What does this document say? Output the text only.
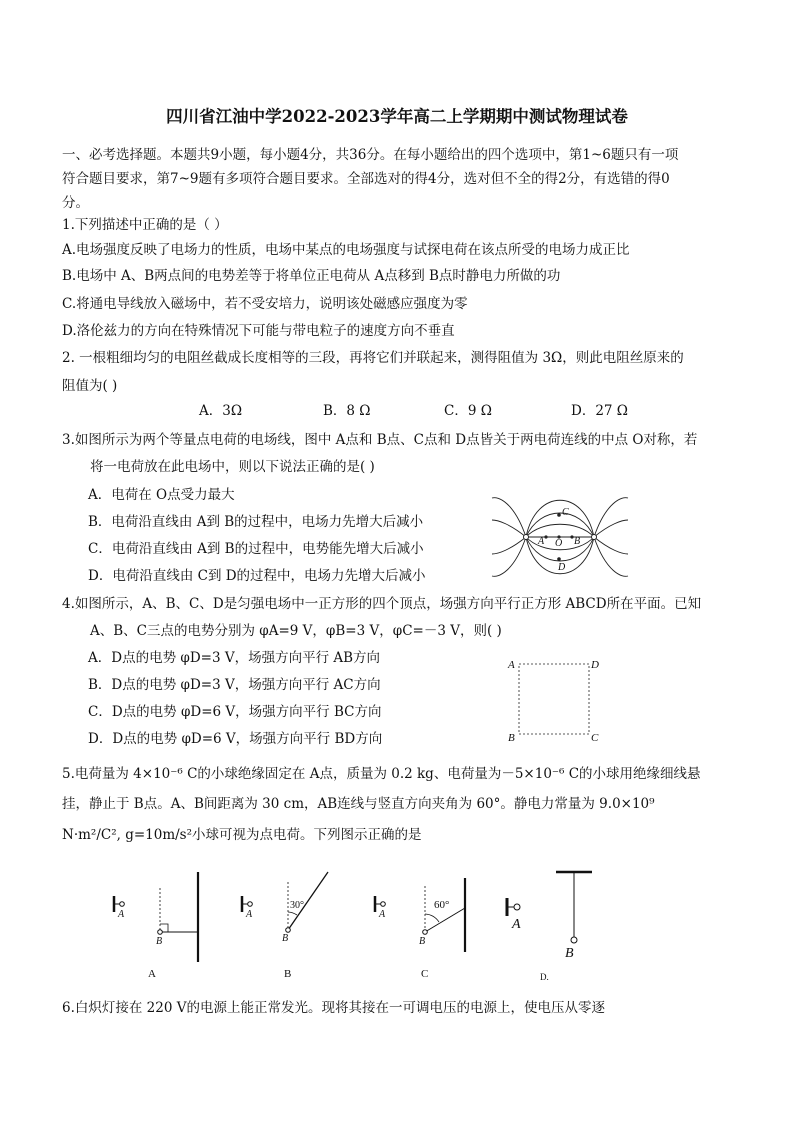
四川省江油中学2022-2023学年高二上学期期中测试物理试卷
一、必考选择题。本题共9小题，每小题4分，共36分。在每小题给出的四个选项中，第1~6题只有一项
符合题目要求，第7~9题有多项符合题目要求。全部选对的得4分，选对但不全的得2分，有选错的得0
分。
1.下列描述中正确的是（ ）
A.电场强度反映了电场力的性质，电场中某点的电场强度与试探电荷在该点所受的电场力成正比
B.电场中 A、B两点间的电势差等于将单位正电荷从 A点移到 B点时静电力所做的功
C.将通电导线放入磁场中，若不受安培力，说明该处磁感应强度为零
D.洛伦兹力的方向在特殊情况下可能与带电粒子的速度方向不垂直
2. 一根粗细均匀的电阻丝截成长度相等的三段，再将它们并联起来，测得阻值为 3Ω，则此电阻丝原来的
阻值为( )
A．3Ω	B．8 Ω	C．9 Ω	D．27 Ω
3.如图所示为两个等量点电荷的电场线，图中 A点和 B点、C点和 D点皆关于两电荷连线的中点 O对称，若
将一电荷放在此电场中，则以下说法正确的是( )
A．电荷在 O点受力最大
B．电荷沿直线由 A到 B的过程中，电场力先增大后减小
C．电荷沿直线由 A到 B的过程中，电势能先增大后减小
D．电荷沿直线由 C到 D的过程中，电场力先增大后减小
C
A O B
D
4.如图所示，A、B、C、D是匀强电场中一正方形的四个顶点，场强方向平行正方形 ABCD所在平面。已知
A、B、C三点的电势分别为 φA=9 V，φB=3 V，φC=－3 V，则( )
A．D点的电势 φD=3 V，场强方向平行 AB方向
B．D点的电势 φD=3 V，场强方向平行 AC方向
C．D点的电势 φD=6 V，场强方向平行 BC方向
D．D点的电势 φD=6 V，场强方向平行 BD方向
A	D
B	C
5.电荷量为 4×10⁻⁶ C的小球绝缘固定在 A点，质量为 0.2 kg、电荷量为－5×10⁻⁶ C的小球用绝缘细线悬
挂，静止于 B点。A、B间距离为 30 cm，AB连线与竖直方向夹角为 60°。静电力常量为 9.0×10⁹
N·m²/C², g=10m/s²小球可视为点电荷。下列图示正确的是
A
B
A
A
B
30°
B
A
B
60°
C
A
B
D.
6.白炽灯接在 220 V的电源上能正常发光。现将其接在一可调电压的电源上，使电压从零逐
